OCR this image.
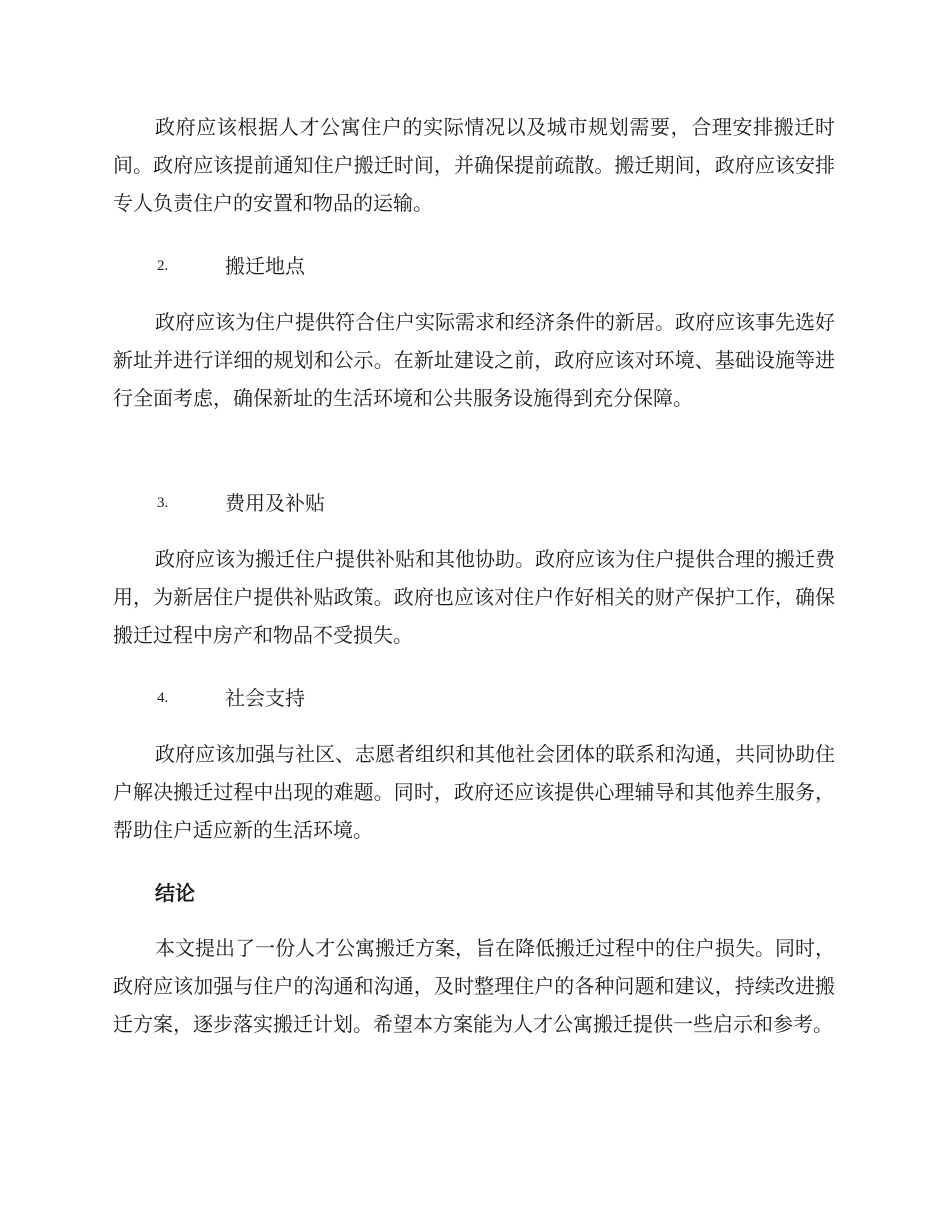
政府应该根据人才公寓住户的实际情况以及城市规划需要，合理安排搬迁时间。政府应该提前通知住户搬迁时间，并确保提前疏散。搬迁期间，政府应该安排专人负责住户的安置和物品的运输。

2.	搬迁地点

政府应该为住户提供符合住户实际需求和经济条件的新居。政府应该事先选好新址并进行详细的规划和公示。在新址建设之前，政府应该对环境、基础设施等进行全面考虑，确保新址的生活环境和公共服务设施得到充分保障。

3.	费用及补贴

政府应该为搬迁住户提供补贴和其他协助。政府应该为住户提供合理的搬迁费用，为新居住户提供补贴政策。政府也应该对住户作好相关的财产保护工作，确保搬迁过程中房产和物品不受损失。

4.	社会支持

政府应该加强与社区、志愿者组织和其他社会团体的联系和沟通，共同协助住户解决搬迁过程中出现的难题。同时，政府还应该提供心理辅导和其他养生服务，帮助住户适应新的生活环境。

结论

本文提出了一份人才公寓搬迁方案，旨在降低搬迁过程中的住户损失。同时，政府应该加强与住户的沟通和沟通，及时整理住户的各种问题和建议，持续改进搬迁方案，逐步落实搬迁计划。希望本方案能为人才公寓搬迁提供一些启示和参考。
